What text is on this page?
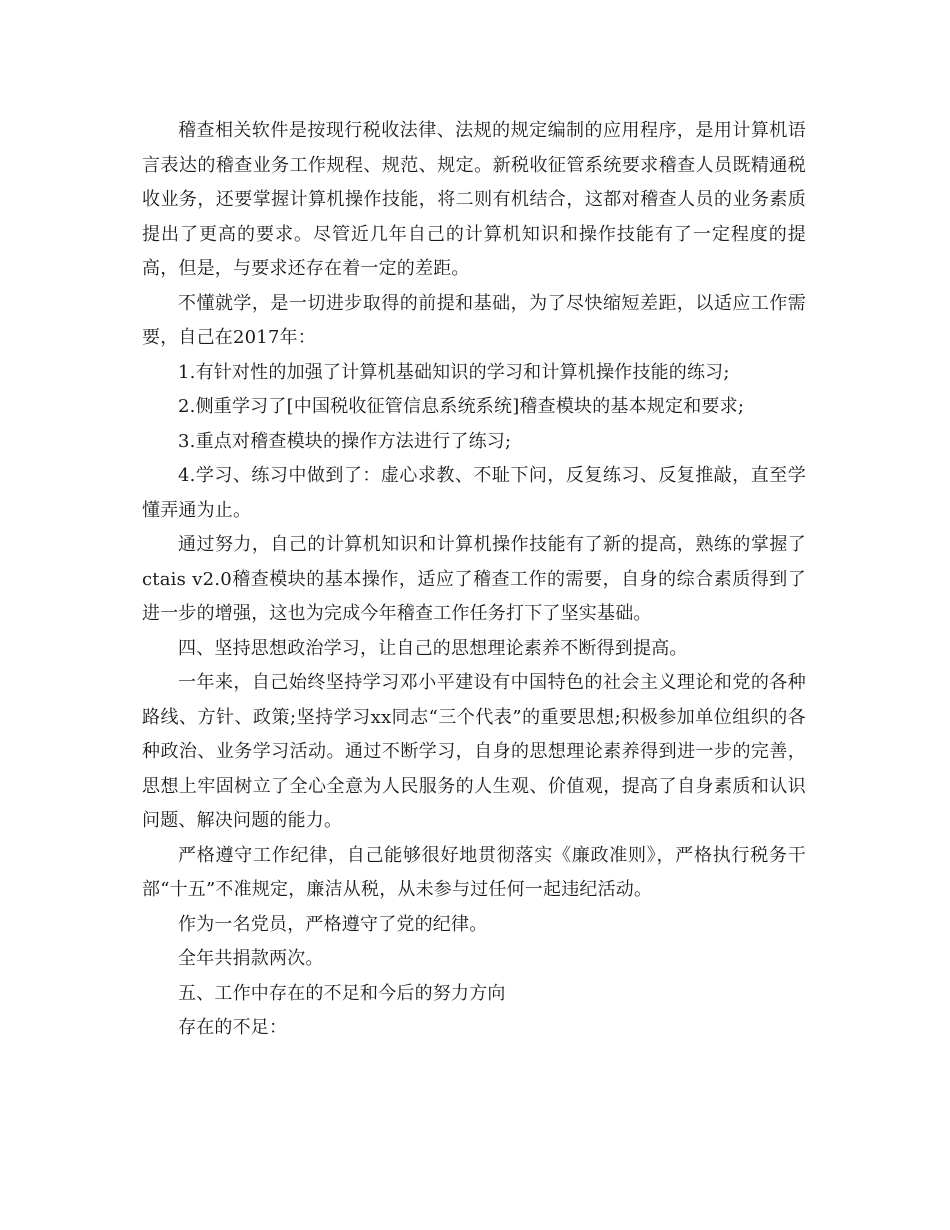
稽查相关软件是按现行税收法律、法规的规定编制的应用程序，是用计算机语言表达的稽查业务工作规程、规范、规定。新税收征管系统要求稽查人员既精通税收业务，还要掌握计算机操作技能，将二则有机结合，这都对稽查人员的业务素质提出了更高的要求。尽管近几年自己的计算机知识和操作技能有了一定程度的提高，但是，与要求还存在着一定的差距。

不懂就学，是一切进步取得的前提和基础，为了尽快缩短差距，以适应工作需要，自己在2017年：

1.有针对性的加强了计算机基础知识的学习和计算机操作技能的练习;

2.侧重学习了[中国税收征管信息系统系统]稽查模块的基本规定和要求;

3.重点对稽查模块的操作方法进行了练习;

4.学习、练习中做到了：虚心求教、不耻下问，反复练习、反复推敲，直至学懂弄通为止。

通过努力，自己的计算机知识和计算机操作技能有了新的提高，熟练的掌握了ctais v2.0稽查模块的基本操作，适应了稽查工作的需要，自身的综合素质得到了进一步的增强，这也为完成今年稽查工作任务打下了坚实基础。

四、坚持思想政治学习，让自己的思想理论素养不断得到提高。

一年来，自己始终坚持学习邓小平建设有中国特色的社会主义理论和党的各种路线、方针、政策;坚持学习xx同志“三个代表”的重要思想;积极参加单位组织的各种政治、业务学习活动。通过不断学习，自身的思想理论素养得到进一步的完善，思想上牢固树立了全心全意为人民服务的人生观、价值观，提高了自身素质和认识问题、解决问题的能力。

严格遵守工作纪律，自己能够很好地贯彻落实《廉政准则》，严格执行税务干部“十五”不准规定，廉洁从税，从未参与过任何一起违纪活动。

作为一名党员，严格遵守了党的纪律。

全年共捐款两次。

五、工作中存在的不足和今后的努力方向

存在的不足：
